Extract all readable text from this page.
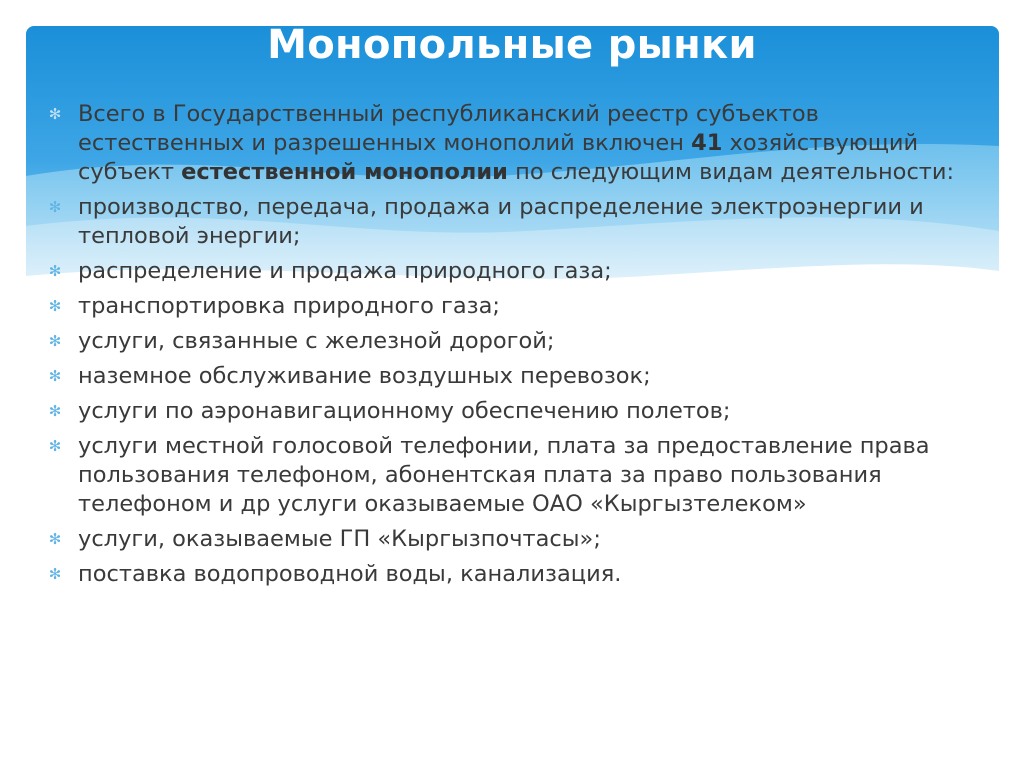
Монопольные рынки
✻ Всего в Государственный республиканский реестр субъектов естественных и разрешенных монополий включен 41 хозяйствующий субъект естественной монополии по следующим видам деятельности:
✻ производство, передача, продажа и распределение электроэнергии и тепловой энергии;
✻ распределение и продажа природного газа;
✻ транспортировка природного газа;
✻ услуги, связанные с железной дорогой;
✻ наземное обслуживание воздушных перевозок;
✻ услуги по аэронавигационному обеспечению полетов;
✻ услуги местной голосовой телефонии, плата за предоставление права пользования телефоном, абонентская плата за право пользования телефоном и др услуги оказываемые ОАО «Кыргызтелеком»
✻ услуги, оказываемые ГП «Кыргызпочтасы»;
✻ поставка водопроводной воды, канализация.
